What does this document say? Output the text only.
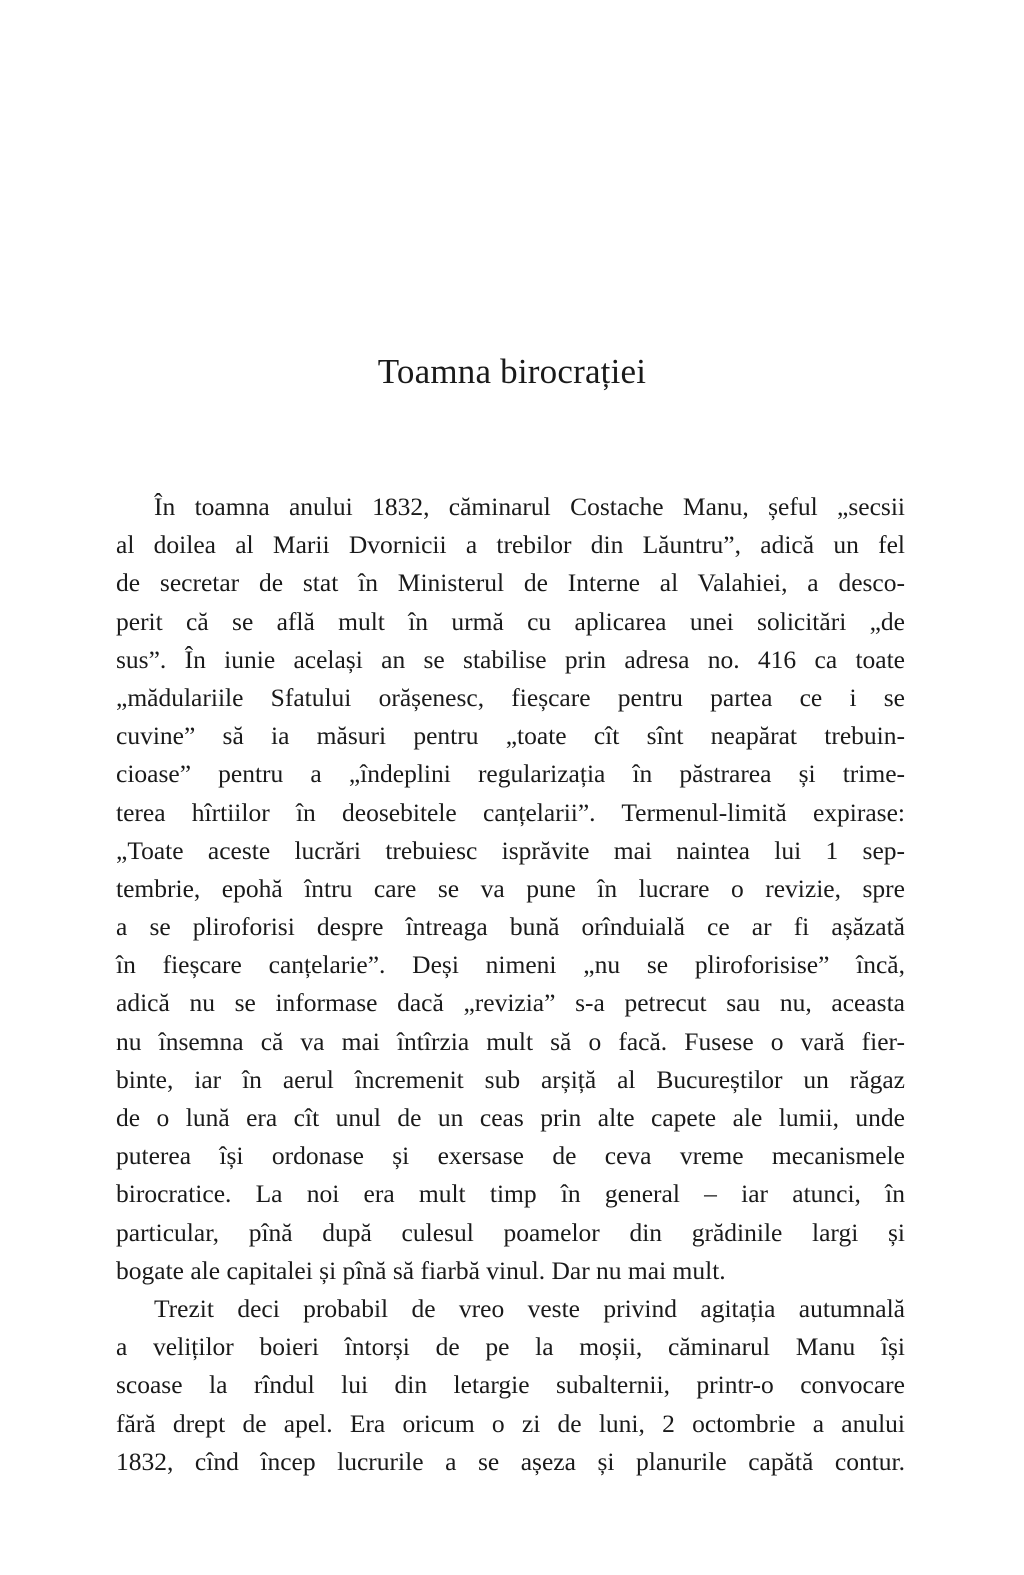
Toamna birocrației
În toamna anului 1832, căminarul Costache Manu, șeful „secsii
al doilea al Marii Dvornicii a trebilor din Lăuntru”, adică un fel
de secretar de stat în Ministerul de Interne al Valahiei, a desco-
perit că se află mult în urmă cu aplicarea unei solicitări „de
sus”. În iunie același an se stabilise prin adresa no. 416 ca toate
„mădulariile Sfatului orășenesc, fieșcare pentru partea ce i se
cuvine” să ia măsuri pentru „toate cît sînt neapărat trebuin-
cioase” pentru a „îndeplini regularizația în păstrarea și trime-
terea hîrtiilor în deosebitele canțelarii”. Termenul-limită expirase:
„Toate aceste lucrări trebuiesc isprăvite mai naintea lui 1 sep-
tembrie, epohă întru care se va pune în lucrare o revizie, spre
a se pliroforisi despre întreaga bună orînduială ce ar fi așăzată
în fieșcare canțelarie”. Deși nimeni „nu se pliroforisise” încă,
adică nu se informase dacă „revizia” s-a petrecut sau nu, aceasta
nu însemna că va mai întîrzia mult să o facă. Fusese o vară fier-
binte, iar în aerul încremenit sub arșiță al Bucureștilor un răgaz
de o lună era cît unul de un ceas prin alte capete ale lumii, unde
puterea își ordonase și exersase de ceva vreme mecanismele
birocratice. La noi era mult timp în general – iar atunci, în
particular, pînă după culesul poamelor din grădinile largi și
bogate ale capitalei și pînă să fiarbă vinul. Dar nu mai mult.
Trezit deci probabil de vreo veste privind agitația autumnală
a veliților boieri întorși de pe la moșii, căminarul Manu își
scoase la rîndul lui din letargie subalternii, printr-o convocare
fără drept de apel. Era oricum o zi de luni, 2 octombrie a anului
1832, cînd încep lucrurile a se așeza și planurile capătă contur.
